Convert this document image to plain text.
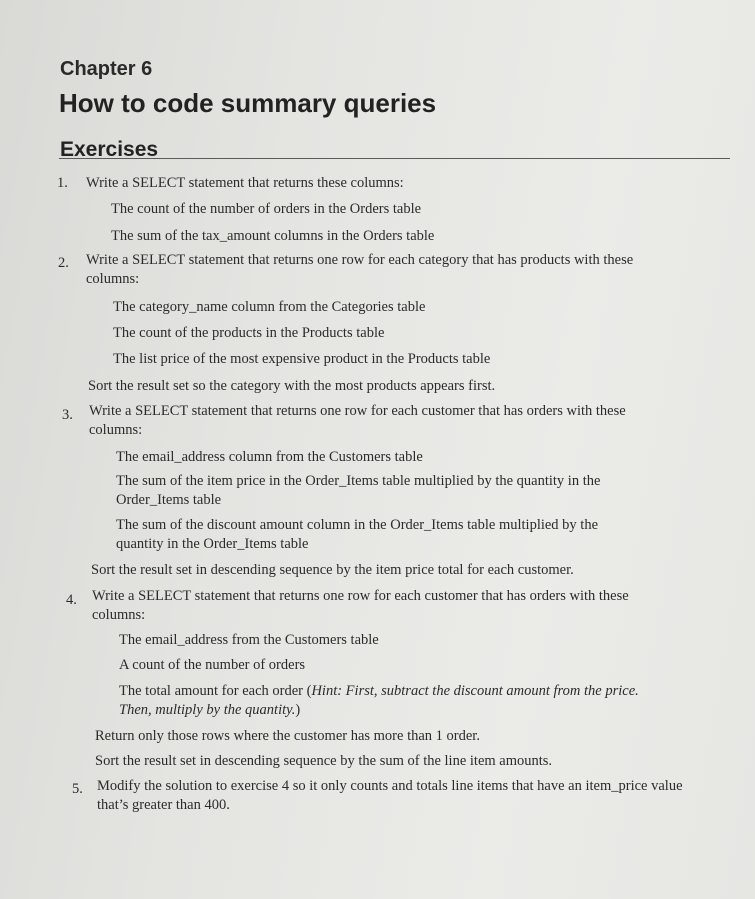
Chapter 6
How to code summary queries
Exercises
1. Write a SELECT statement that returns these columns:

The count of the number of orders in the Orders table

The sum of the tax_amount columns in the Orders table

2. Write a SELECT statement that returns one row for each category that has products with these

columns:

The category_name column from the Categories table

The count of the products in the Products table

The list price of the most expensive product in the Products table

Sort the result set so the category with the most products appears first.

3. Write a SELECT statement that returns one row for each customer that has orders with these

columns:

The email_address column from the Customers table

The sum of the item price in the Order_Items table multiplied by the quantity in the

Order_Items table

The sum of the discount amount column in the Order_Items table multiplied by the

quantity in the Order_Items table

Sort the result set in descending sequence by the item price total for each customer.

4. Write a SELECT statement that returns one row for each customer that has orders with these

columns:

The email_address from the Customers table

A count of the number of orders

The total amount for each order (Hint: First, subtract the discount amount from the price.

Then, multiply by the quantity.)

Return only those rows where the customer has more than 1 order.

Sort the result set in descending sequence by the sum of the line item amounts.

5. Modify the solution to exercise 4 so it only counts and totals line items that have an item_price value

that’s greater than 400.
